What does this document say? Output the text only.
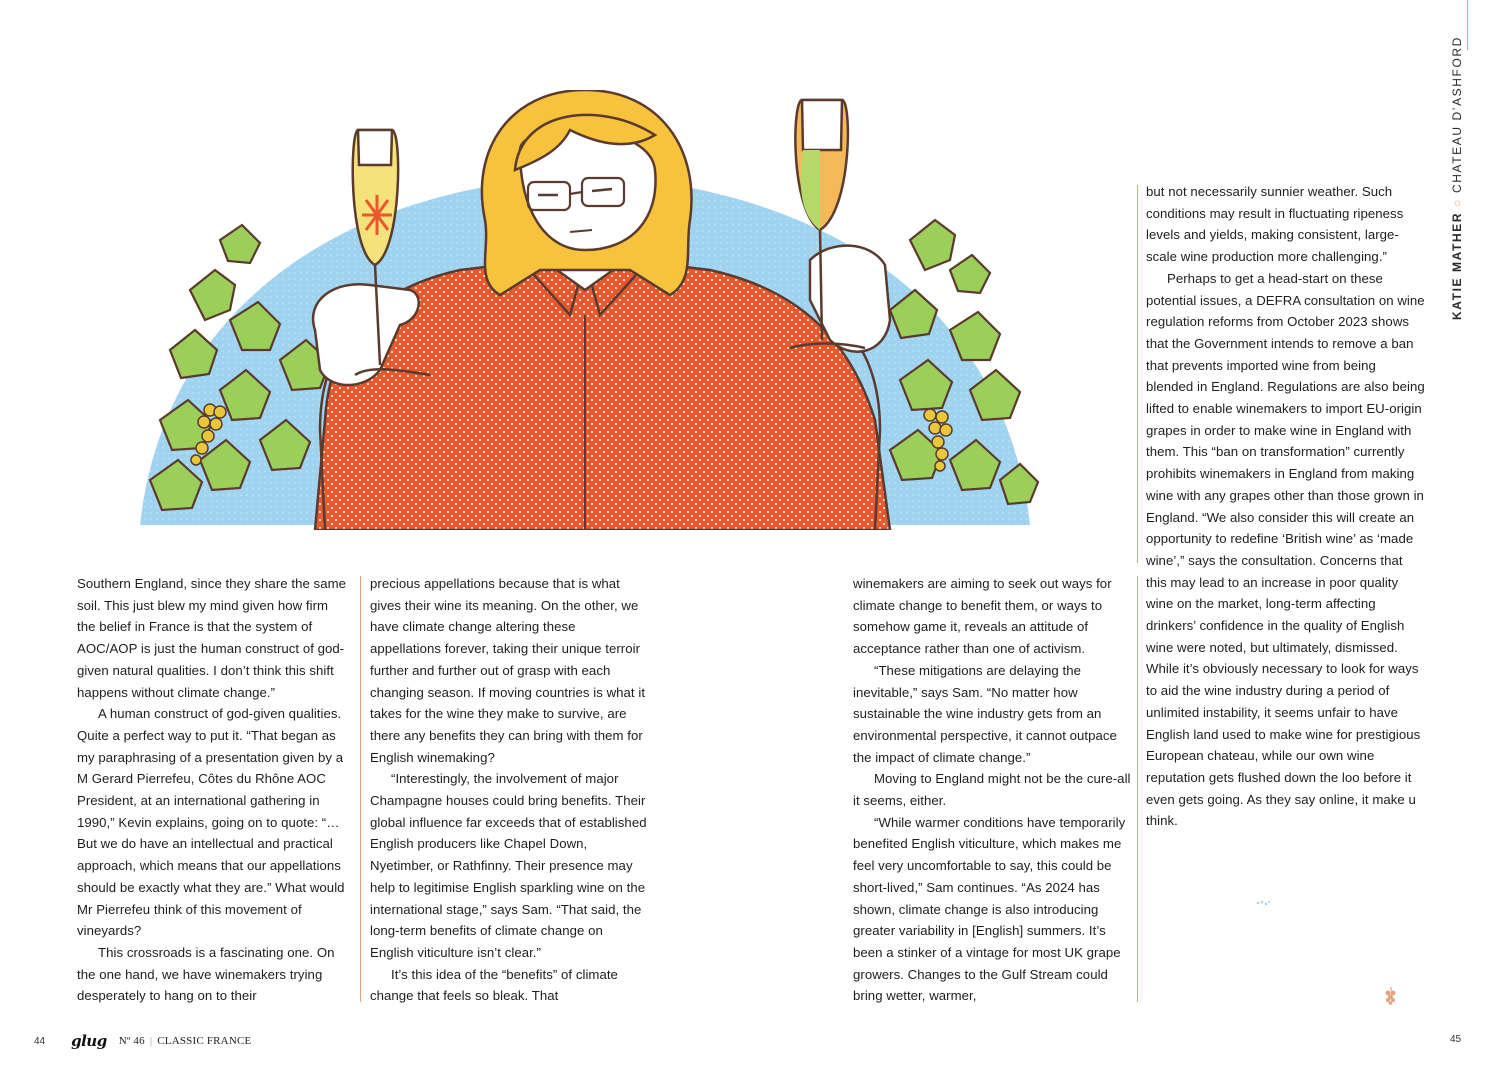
KATIE MATHER○CHATEAU D’ASHFORD

Southern England, since they share the same soil. This just blew my mind given how firm the belief in France is that the system of AOC/AOP is just the human construct of god-given natural qualities. I don’t think this shift happens without climate change.”

A human construct of god-given qualities. Quite a perfect way to put it. “That began as my paraphrasing of a presentation given by a M Gerard Pierrefeu, Côtes du Rhône AOC President, at an international gathering in 1990,” Kevin explains, going on to quote: “… But we do have an intellectual and practical approach, which means that our appellations should be exactly what they are.” What would Mr Pierrefeu think of this movement of vineyards?

This crossroads is a fascinating one. On the one hand, we have winemakers trying desperately to hang on to their

precious appellations because that is what gives their wine its meaning. On the other, we have climate change altering these appellations forever, taking their unique terroir further and further out of grasp with each changing season. If moving countries is what it takes for the wine they make to survive, are there any benefits they can bring with them for English winemaking?

“Interestingly, the involvement of major Champagne houses could bring benefits. Their global influence far exceeds that of established English producers like Chapel Down, Nyetimber, or Rathfinny. Their presence may help to legitimise English sparkling wine on the international stage,” says Sam. “That said, the long-term benefits of climate change on English viticulture isn’t clear.”

It’s this idea of the “benefits” of climate change that feels so bleak. That

winemakers are aiming to seek out ways for climate change to benefit them, or ways to somehow game it, reveals an attitude of acceptance rather than one of activism.

“These mitigations are delaying the inevitable,” says Sam. “No matter how sustainable the wine industry gets from an environmental perspective, it cannot outpace the impact of climate change.”

Moving to England might not be the cure-all it seems, either.

“While warmer conditions have temporarily benefited English viticulture, which makes me feel very uncomfortable to say, this could be short-lived,” Sam continues. “As 2024 has shown, climate change is also introducing greater variability in [English] summers. It’s been a stinker of a vintage for most UK grape growers. Changes to the Gulf Stream could bring wetter, warmer,

but not necessarily sunnier weather. Such conditions may result in fluctuating ripeness levels and yields, making consistent, large-scale wine production more challenging.”

Perhaps to get a head-start on these potential issues, a DEFRA consultation on wine regulation reforms from October 2023 shows that the Government intends to remove a ban that prevents imported wine from being blended in England. Regulations are also being lifted to enable winemakers to import EU-origin grapes in order to make wine in England with them. This “ban on transformation” currently prohibits winemakers in England from making wine with any grapes other than those grown in England. “We also consider this will create an opportunity to redefine ‘British wine’ as ‘made wine’,” says the consultation. Concerns that this may lead to an increase in poor quality wine on the market, long-term affecting drinkers’ confidence in the quality of English wine were noted, but ultimately, dismissed. While it’s obviously necessary to look for ways to aid the wine industry during a period of unlimited instability, it seems unfair to have English land used to make wine for prestigious European chateau, while our own wine reputation gets flushed down the loo before it even gets going. As they say online, it make u think.

44 glug Nº 46 | CLASSIC FRANCE	45
